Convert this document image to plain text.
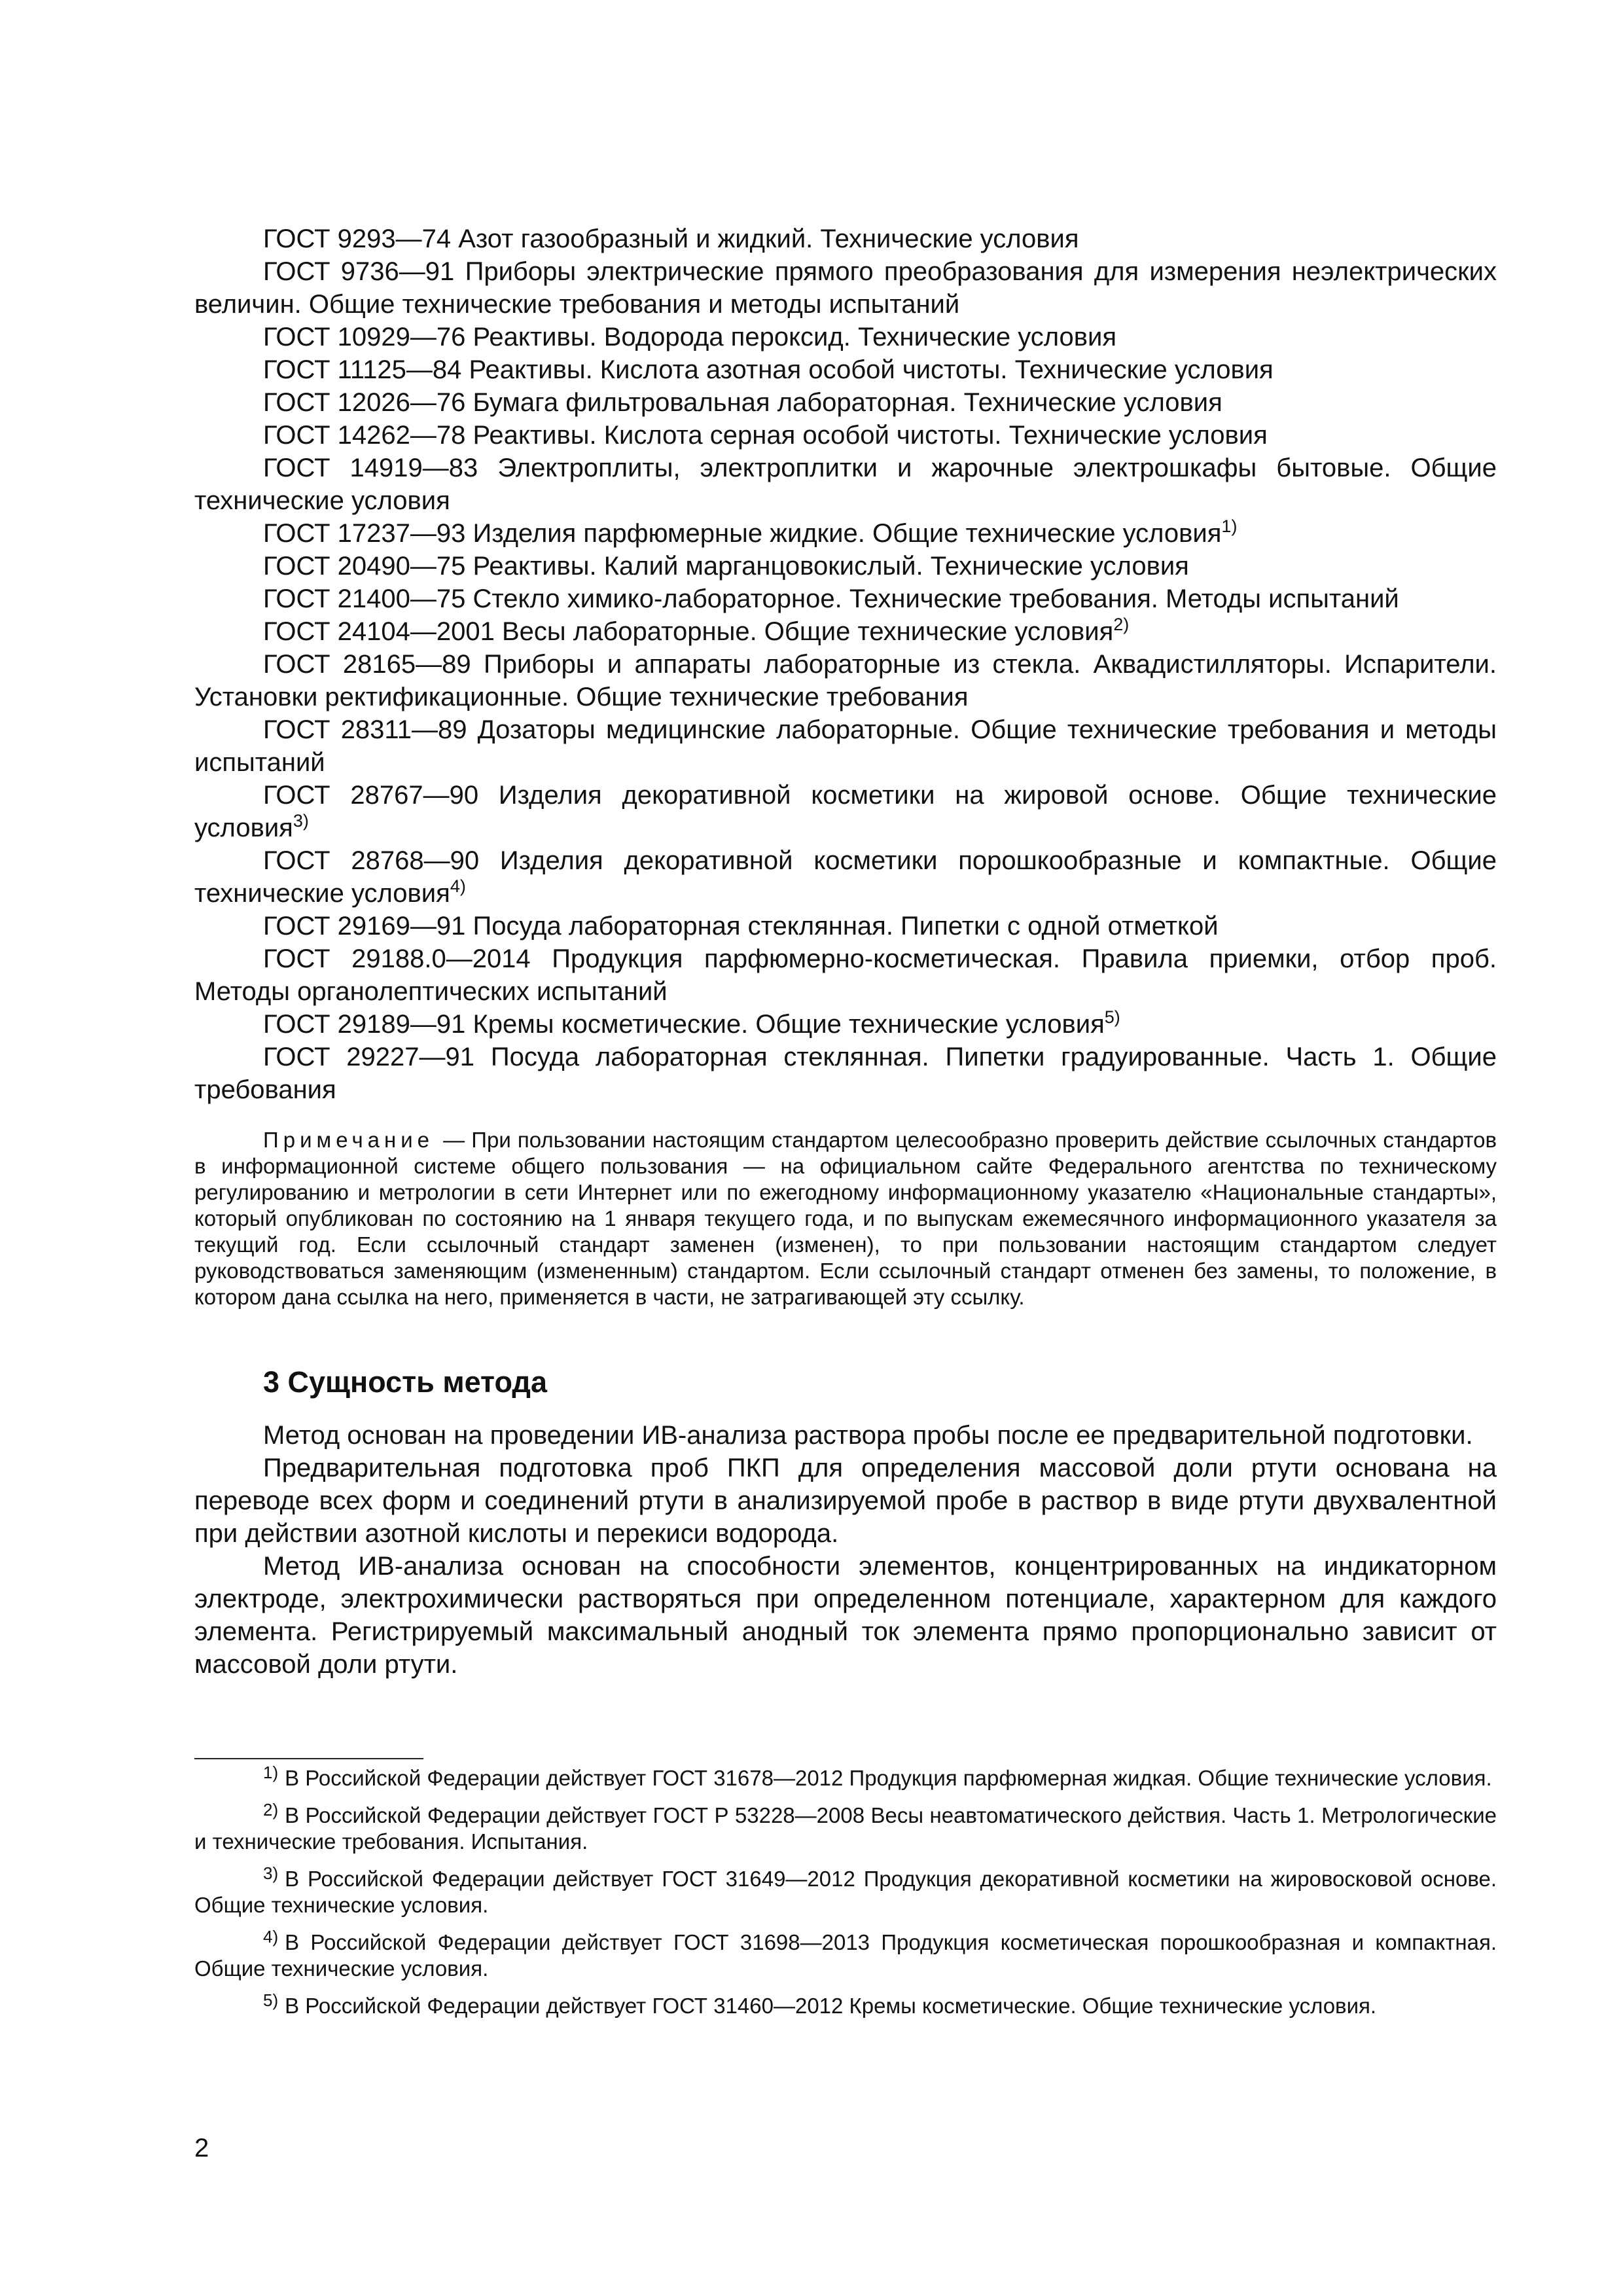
ГОСТ 9293—74 Азот газообразный и жидкий. Технические условия

ГОСТ 9736—91 Приборы электрические прямого преобразования для измерения неэлектрических величин. Общие технические требования и методы испытаний

ГОСТ 10929—76 Реактивы. Водорода пероксид. Технические условия

ГОСТ 11125—84 Реактивы. Кислота азотная особой чистоты. Технические условия

ГОСТ 12026—76 Бумага фильтровальная лабораторная. Технические условия

ГОСТ 14262—78 Реактивы. Кислота серная особой чистоты. Технические условия

ГОСТ 14919—83 Электроплиты, электроплитки и жарочные электрошкафы бытовые. Общие технические условия

ГОСТ 17237—93 Изделия парфюмерные жидкие. Общие технические условия$^{1)}$

ГОСТ 20490—75 Реактивы. Калий марганцовокислый. Технические условия

ГОСТ 21400—75 Стекло химико-лабораторное. Технические требования. Методы испытаний

ГОСТ 24104—2001 Весы лабораторные. Общие технические условия$^{2)}$

ГОСТ 28165—89 Приборы и аппараты лабораторные из стекла. Аквадистилляторы. Испарители. Установки ректификационные. Общие технические требования

ГОСТ 28311—89 Дозаторы медицинские лабораторные. Общие технические требования и методы испытаний

ГОСТ 28767—90 Изделия декоративной косметики на жировой основе. Общие технические условия$^{3)}$

ГОСТ 28768—90 Изделия декоративной косметики порошкообразные и компактные. Общие технические условия$^{4)}$

ГОСТ 29169—91 Посуда лабораторная стеклянная. Пипетки с одной отметкой

ГОСТ 29188.0—2014 Продукция парфюмерно-косметическая. Правила приемки, отбор проб. Методы органолептических испытаний

ГОСТ 29189—91 Кремы косметические. Общие технические условия$^{5)}$

ГОСТ 29227—91 Посуда лабораторная стеклянная. Пипетки градуированные. Часть 1. Общие требования

Примечание — При пользовании настоящим стандартом целесообразно проверить действие ссылочных стандартов в информационной системе общего пользования — на официальном сайте Федерального агентства по техническому регулированию и метрологии в сети Интернет или по ежегодному информационному указателю «Национальные стандарты», который опубликован по состоянию на 1 января текущего года, и по выпускам ежемесячного информационного указателя за текущий год. Если ссылочный стандарт заменен (изменен), то при пользовании настоящим стандартом следует руководствоваться заменяющим (измененным) стандартом. Если ссылочный стандарт отменен без замены, то положение, в котором дана ссылка на него, применяется в части, не затрагивающей эту ссылку.

3 Сущность метода

Метод основан на проведении ИВ-анализа раствора пробы после ее предварительной подготовки.

Предварительная подготовка проб ПКП для определения массовой доли ртути основана на переводе всех форм и соединений ртути в анализируемой пробе в раствор в виде ртути двухвалентной при действии азотной кислоты и перекиси водорода.

Метод ИВ-анализа основан на способности элементов, концентрированных на индикаторном электроде, электрохимически растворяться при определенном потенциале, характерном для каждого элемента. Регистрируемый максимальный анодный ток элемента прямо пропорционально зависит от массовой доли ртути.

$^{1)}$ В Российской Федерации действует ГОСТ 31678—2012 Продукция парфюмерная жидкая. Общие технические условия.

$^{2)}$ В Российской Федерации действует ГОСТ Р 53228—2008 Весы неавтоматического действия. Часть 1. Метрологические и технические требования. Испытания.

$^{3)}$ В Российской Федерации действует ГОСТ 31649—2012 Продукция декоративной косметики на жировосковой основе. Общие технические условия.

$^{4)}$ В Российской Федерации действует ГОСТ 31698—2013 Продукция косметическая порошкообразная и компактная. Общие технические условия.

$^{5)}$ В Российской Федерации действует ГОСТ 31460—2012 Кремы косметические. Общие технические условия.

2
